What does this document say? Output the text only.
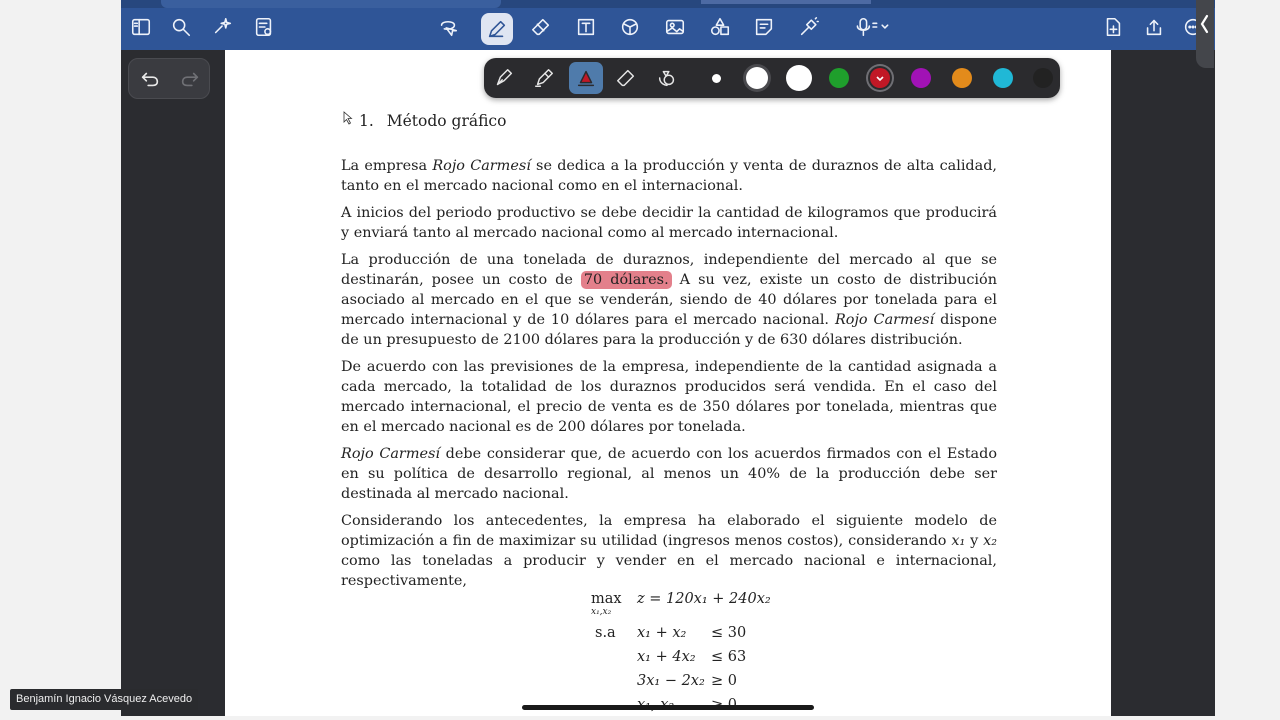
1. Método gráfico

La empresa Rojo Carmesí se dedica a la producción y venta de duraznos de alta calidad, tanto en el mercado nacional como en el internacional.

A inicios del periodo productivo se debe decidir la cantidad de kilogramos que producirá y enviará tanto al mercado nacional como al mercado internacional.

La producción de una tonelada de duraznos, independiente del mercado al que se destinarán, posee un costo de 70 dólares. A su vez, existe un costo de distribución asociado al mercado en el que se venderán, siendo de 40 dólares por tonelada para el mercado internacional y de 10 dólares para el mercado nacional. Rojo Carmesí dispone de un presupuesto de 2100 dólares para la producción y de 630 dólares distribución.

De acuerdo con las previsiones de la empresa, independiente de la cantidad asignada a cada mercado, la totalidad de los duraznos producidos será vendida. En el caso del mercado internacional, el precio de venta es de 350 dólares por tonelada, mientras que en el mercado nacional es de 200 dólares por tonelada.

Rojo Carmesí debe considerar que, de acuerdo con los acuerdos firmados con el Estado en su política de desarrollo regional, al menos un 40% de la producción debe ser destinada al mercado nacional.

Considerando los antecedentes, la empresa ha elaborado el siguiente modelo de optimización a fin de maximizar su utilidad (ingresos menos costos), considerando x₁ y x₂ como las toneladas a producir y vender en el mercado nacional e internacional, respectivamente,

max
x₁,x₂
z = 120x₁ + 240x₂
s.a x₁ + x₂ ≤ 30
x₁ + 4x₂ ≤ 63
3x₁ − 2x₂ ≥ 0
Benjamín Ignacio Vásquez Acevedo
